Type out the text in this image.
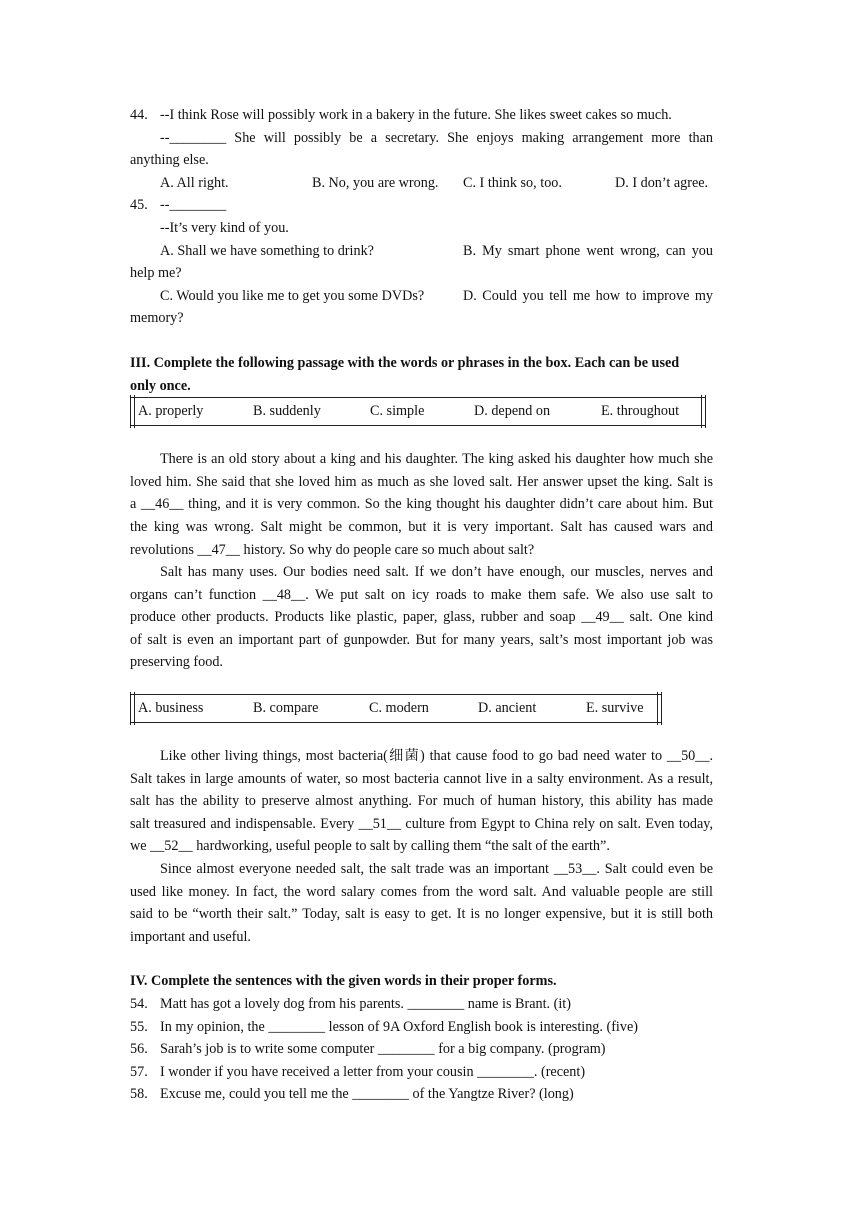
44. --I think Rose will possibly work in a bakery in the future. She likes sweet cakes so much.
--________ She will possibly be a secretary. She enjoys making arrangement more than
anything else.
A. All right.	B. No, you are wrong.	C. I think so, too.	D. I don’t agree.
45. --________
--It’s very kind of you.
A. Shall we have something to drink?	B. My smart phone went wrong, can you
help me?
C. Would you like me to get you some DVDs?	D. Could you tell me how to improve my
memory?
III. Complete the following passage with the words or phrases in the box. Each can be used
only once.
A. properly	B. suddenly	C. simple	D. depend on	E. throughout
There is an old story about a king and his daughter. The king asked his daughter how much she
loved him. She said that she loved him as much as she loved salt. Her answer upset the king. Salt is
a __46__ thing, and it is very common. So the king thought his daughter didn’t care about him. But
the king was wrong. Salt might be common, but it is very important. Salt has caused wars and
revolutions __47__ history. So why do people care so much about salt?
Salt has many uses. Our bodies need salt. If we don’t have enough, our muscles, nerves and
organs can’t function __48__. We put salt on icy roads to make them safe. We also use salt to
produce other products. Products like plastic, paper, glass, rubber and soap __49__ salt. One kind
of salt is even an important part of gunpowder. But for many years, salt’s most important job was
preserving food.
A. business	B. compare	C. modern	D. ancient	E. survive
Like other living things, most bacteria(细菌) that cause food to go bad need water to __50__.
Salt takes in large amounts of water, so most bacteria cannot live in a salty environment. As a result,
salt has the ability to preserve almost anything. For much of human history, this ability has made
salt treasured and indispensable. Every __51__ culture from Egypt to China rely on salt. Even today,
we __52__ hardworking, useful people to salt by calling them “the salt of the earth”.
Since almost everyone needed salt, the salt trade was an important __53__. Salt could even be
used like money. In fact, the word salary comes from the word salt. And valuable people are still
said to be “worth their salt.” Today, salt is easy to get. It is no longer expensive, but it is still both
important and useful.
IV. Complete the sentences with the given words in their proper forms.
54. Matt has got a lovely dog from his parents. ________ name is Brant. (it)
55. In my opinion, the ________ lesson of 9A Oxford English book is interesting. (five)
56. Sarah’s job is to write some computer ________ for a big company. (program)
57. I wonder if you have received a letter from your cousin ________. (recent)
58. Excuse me, could you tell me the ________ of the Yangtze River? (long)
